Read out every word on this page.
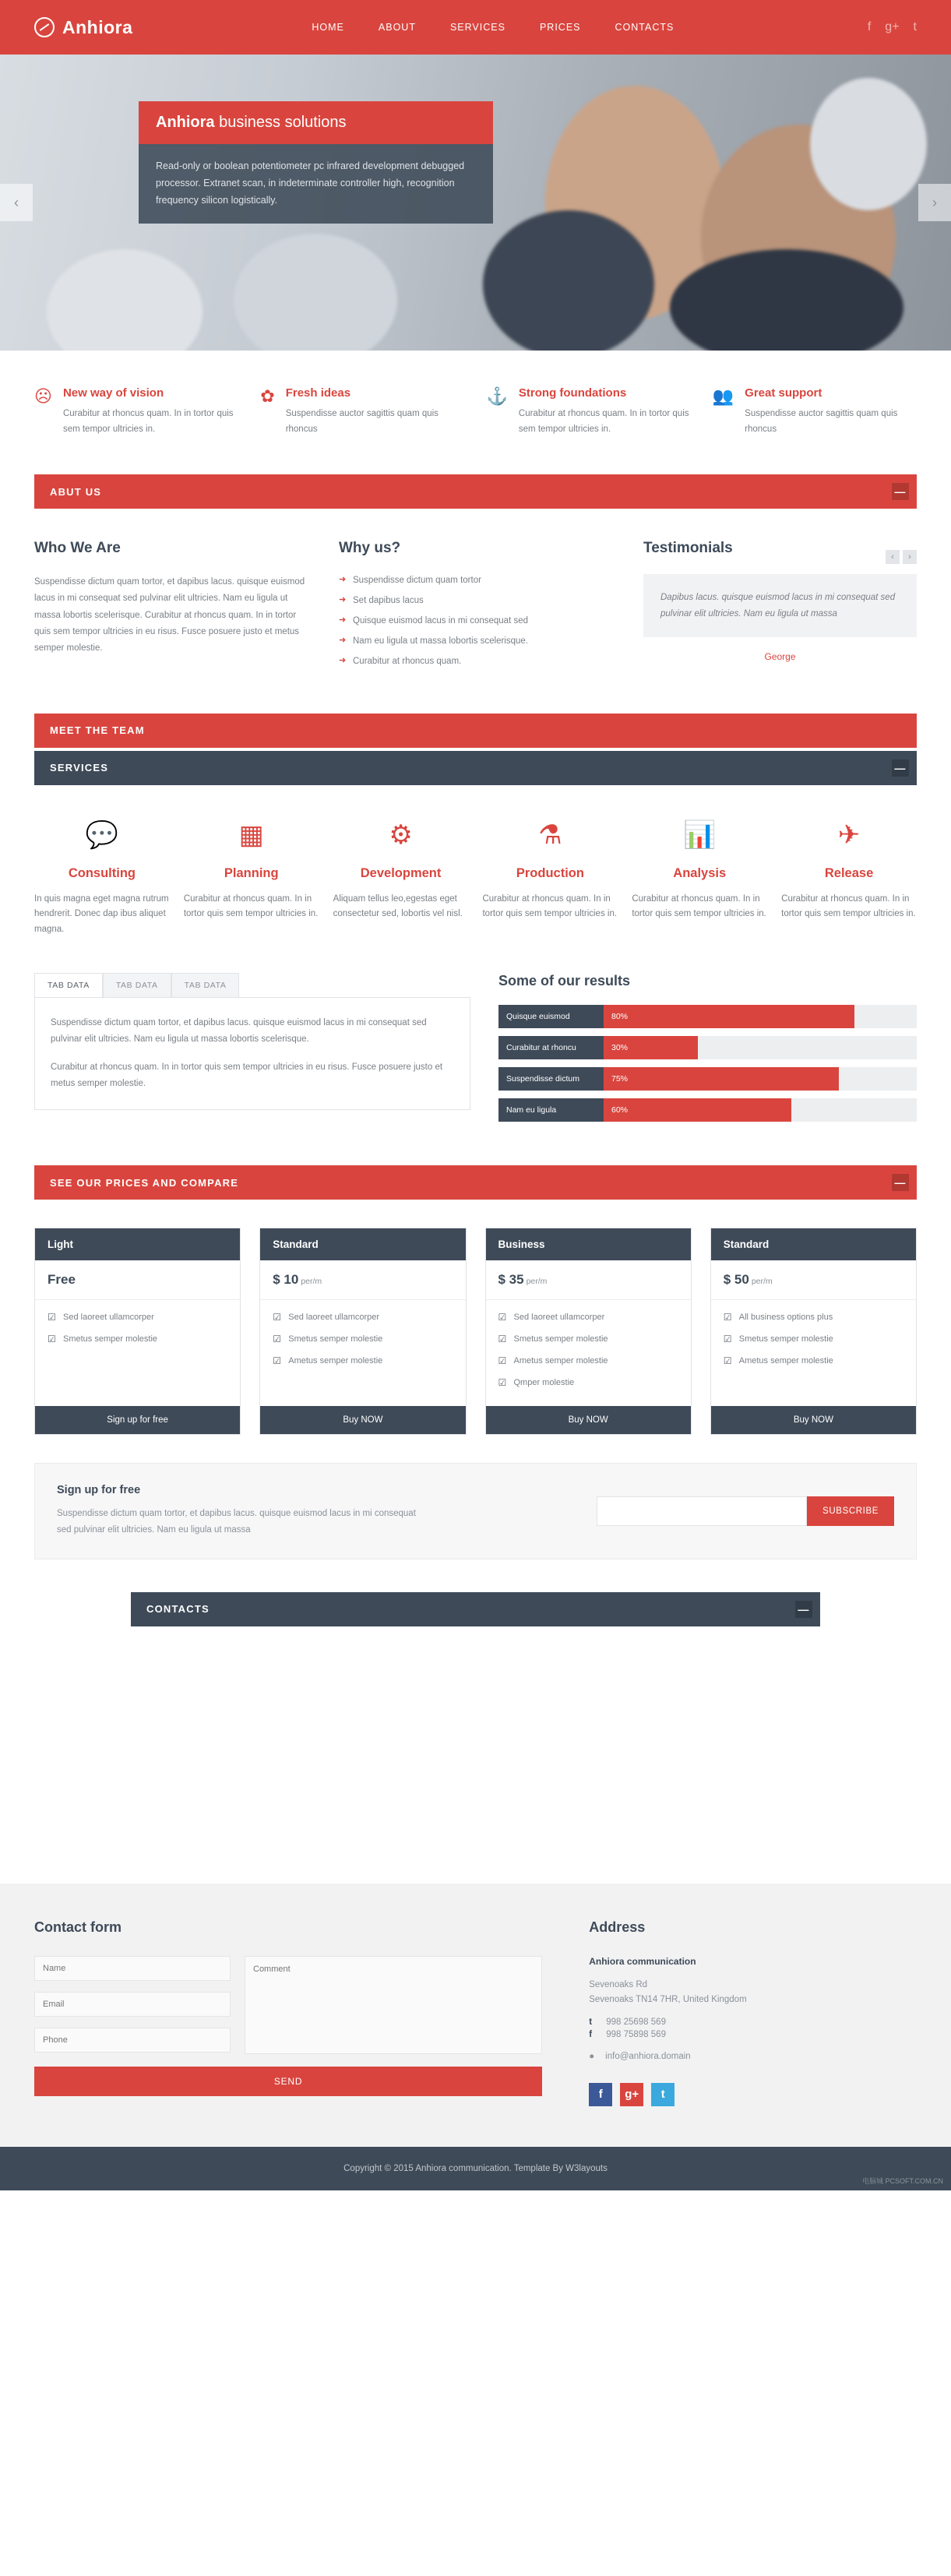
Anhiora	HOME	ABOUT	SERVICES	PRICES	CONTACTS	f g+ t
Anhiora business solutions
Read-only or boolean potentiometer pc infrared development debugged processor. Extranet scan, in indeterminate controller high, recognition frequency silicon logistically.
‹	›
☹︎ New way of vision

Curabitur at rhoncus quam. In in tortor quis sem tempor ultricies in.

✿ Fresh ideas

Suspendisse auctor sagittis quam quis rhoncus

⚓ Strong foundations

Curabitur at rhoncus quam. In in tortor quis sem tempor ultricies in.

👥 Great support

Suspendisse auctor sagittis quam quis rhoncus

ABUT US	—
Who We Are

Suspendisse dictum quam tortor, et dapibus lacus. quisque euismod lacus in mi consequat sed pulvinar elit ultricies. Nam eu ligula ut massa lobortis scelerisque. Curabitur at rhoncus quam. In in tortor quis sem tempor ultricies in eu risus. Fusce posuere justo et metus semper molestie.

Why us?
➜ Suspendisse dictum quam tortor
➜ Set dapibus lacus
➜ Quisque euismod lacus in mi consequat sed
➜ Nam eu ligula ut massa lobortis scelerisque.
➜ Curabitur at rhoncus quam.
Testimonials
‹	›
Dapibus lacus. quisque euismod lacus in mi consequat sed pulvinar elit ultricies. Nam eu ligula ut massa
George
MEET THE TEAM
SERVICES	—
💬
Consulting

In quis magna eget magna rutrum hendrerit. Donec dap ibus aliquet magna.

▦
Planning

Curabitur at rhoncus quam. In in tortor quis sem tempor ultricies in.

⚙
Development

Aliquam tellus leo,egestas eget consectetur sed, lobortis vel nisl.

⚗
Production

Curabitur at rhoncus quam. In in tortor quis sem tempor ultricies in.

📊
Analysis

Curabitur at rhoncus quam. In in tortor quis sem tempor ultricies in.

✈
Release

Curabitur at rhoncus quam. In in tortor quis sem tempor ultricies in.

TAB DATA	TAB DATA	TAB DATA

Suspendisse dictum quam tortor, et dapibus lacus. quisque euismod lacus in mi consequat sed pulvinar elit ultricies. Nam eu ligula ut massa lobortis scelerisque.

Curabitur at rhoncus quam. In in tortor quis sem tempor ultricies in eu risus. Fusce posuere justo et metus semper molestie.

Some of our results
Quisque euismod	80%
Curabitur at rhoncu	30%
Suspendisse dictum	75%
Nam eu ligula	60%
SEE OUR PRICES AND COMPARE	—
Light
Free
☑ Sed laoreet ullamcorper
☑ Smetus semper molestie
Sign up for free
Standard
$ 10 per/m
☑ Sed laoreet ullamcorper
☑ Smetus semper molestie
☑ Ametus semper molestie
Buy NOW
Business
$ 35 per/m
☑ Sed laoreet ullamcorper
☑ Smetus semper molestie
☑ Ametus semper molestie
☑ Qmper molestie
Buy NOW
Standard
$ 50 per/m
☑ All business options plus
☑ Smetus semper molestie
☑ Ametus semper molestie
Buy NOW
Sign up for free

Suspendisse dictum quam tortor, et dapibus lacus. quisque euismod lacus in mi consequat sed pulvinar elit ultricies. Nam eu ligula ut massa

SUBSCRIBE
CONTACTS	—
Contact form
Name Email Phone
Comment
SEND
Address
Anhiora communication
Sevenoaks Rd
Sevenoaks TN14 7HR, United Kingdom
t	998 25698 569
f	998 75898 569
● info@anhiora.domain
f	g+	t
Copyright © 2015 Anhiora communication. Template By W3layouts
电脑城 PCSOFT.COM.CN
